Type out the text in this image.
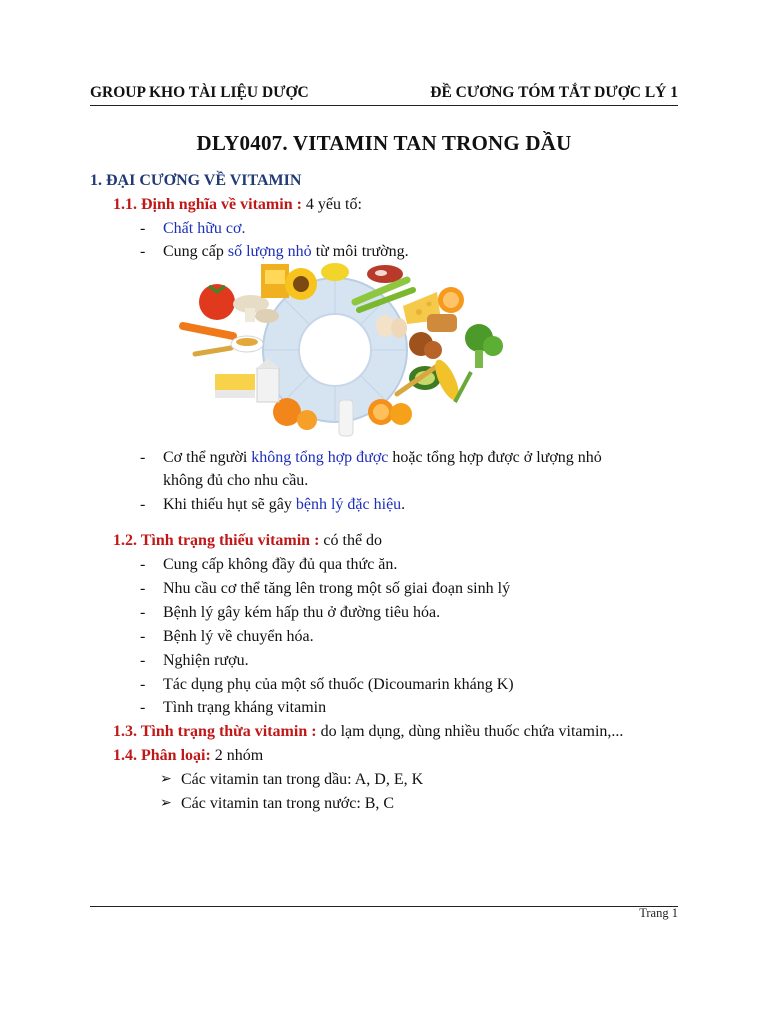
GROUP KHO TÀI LIỆU DƯỢC	ĐỀ CƯƠNG TÓM TẮT DƯỢC LÝ 1
DLY0407. VITAMIN TAN TRONG DẦU
1. ĐẠI CƯƠNG VỀ VITAMIN
1.1. Định nghĩa về vitamin : 4 yếu tố:
- Chất hữu cơ.
- Cung cấp số lượng nhỏ từ môi trường.
- Cơ thể người không tổng hợp được hoặc tổng hợp được ở lượng nhỏ
không đủ cho nhu cầu.
- Khi thiếu hụt sẽ gây bệnh lý đặc hiệu.
1.2. Tình trạng thiếu vitamin : có thể do
- Cung cấp không đầy đủ qua thức ăn.
- Nhu cầu cơ thể tăng lên trong một số giai đoạn sinh lý
- Bệnh lý gây kém hấp thu ở đường tiêu hóa.
- Bệnh lý về chuyển hóa.
- Nghiện rượu.
- Tác dụng phụ của một số thuốc (Dicoumarin kháng K)
- Tình trạng kháng vitamin
1.3. Tình trạng thừa vitamin : do lạm dụng, dùng nhiều thuốc chứa vitamin,...
1.4. Phân loại: 2 nhóm
➢ Các vitamin tan trong dầu: A, D, E, K
➢ Các vitamin tan trong nước: B, C
Trang 1
